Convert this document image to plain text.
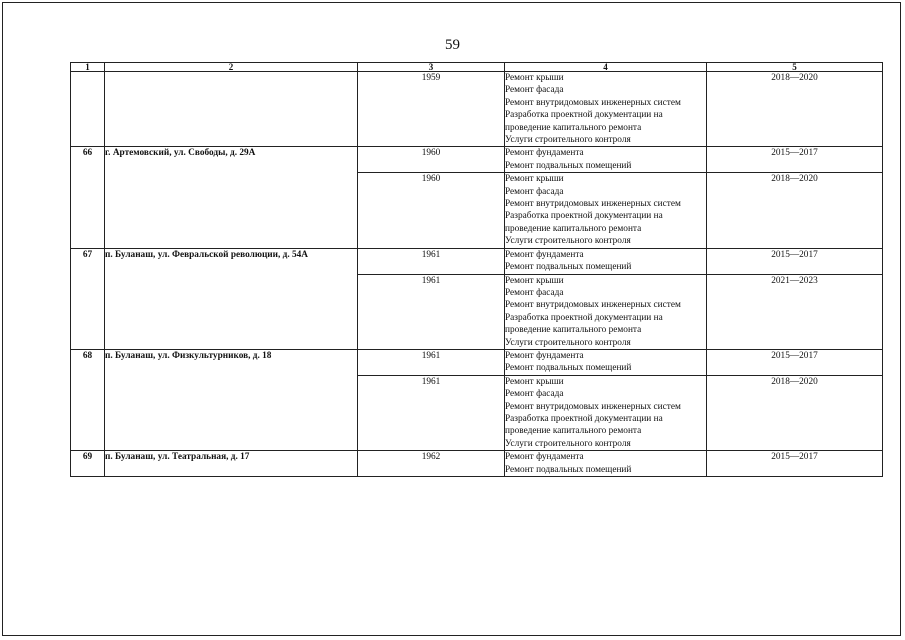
59
1	2	3	4	5
		1959	Ремонт крыши
Ремонт фасада
Ремонт внутридомовых инженерных систем
Разработка проектной документации на проведение капитального ремонта
Услуги строительного контроля	2018—2020
66	г. Артемовский, ул. Свободы, д. 29А	1960	Ремонт фундамента
Ремонт подвальных помещений	2015—2017
		1960	Ремонт крыши
Ремонт фасада
Ремонт внутридомовых инженерных систем
Разработка проектной документации на проведение капитального ремонта
Услуги строительного контроля	2018—2020
67	п. Буланаш, ул. Февральской революции, д. 54А	1961	Ремонт фундамента
Ремонт подвальных помещений	2015—2017
		1961	Ремонт крыши
Ремонт фасада
Ремонт внутридомовых инженерных систем
Разработка проектной документации на проведение капитального ремонта
Услуги строительного контроля	2021—2023
68	п. Буланаш, ул. Физкультурников, д. 18	1961	Ремонт фундамента
Ремонт подвальных помещений	2015—2017
		1961	Ремонт крыши
Ремонт фасада
Ремонт внутридомовых инженерных систем
Разработка проектной документации на проведение капитального ремонта
Услуги строительного контроля	2018—2020
69	п. Буланаш, ул. Театральная, д. 17	1962	Ремонт фундамента
Ремонт подвальных помещений	2015—2017
